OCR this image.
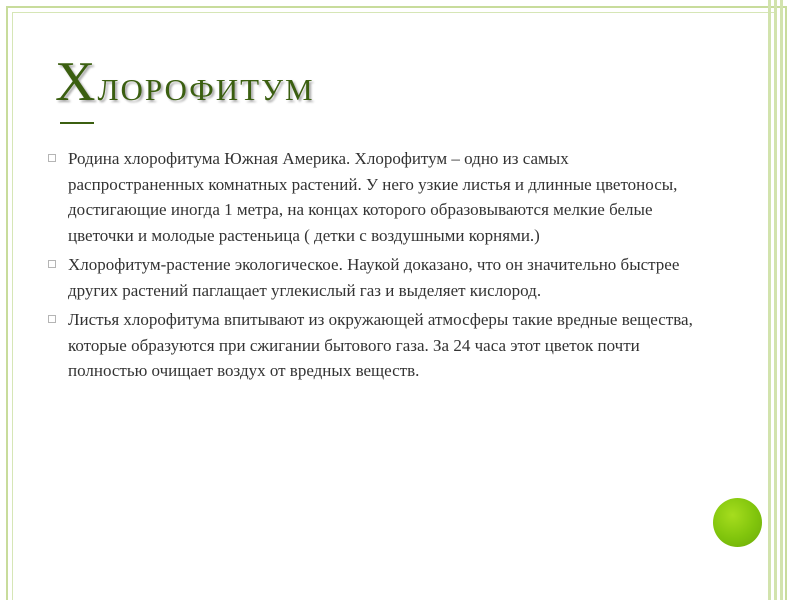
Хлорофитум
Родина хлорофитума Южная Америка. Хлорофитум – одно из самых распространенных комнатных растений. У него узкие листья и длинные цветоносы, достигающие иногда 1 метра, на концах которого образовываются мелкие белые цветочки и молодые растеньица ( детки с воздушными корнями.)
Хлорофитум-растение экологическое. Наукой доказано, что он значительно быстрее других растений паглащает углекислый газ и выделяет кислород.
Листья хлорофитума впитывают из окружающей атмосферы такие вредные вещества, которые образуются при сжигании бытового газа. За 24 часа этот цветок почти полностью очищает воздух от вредных веществ.
